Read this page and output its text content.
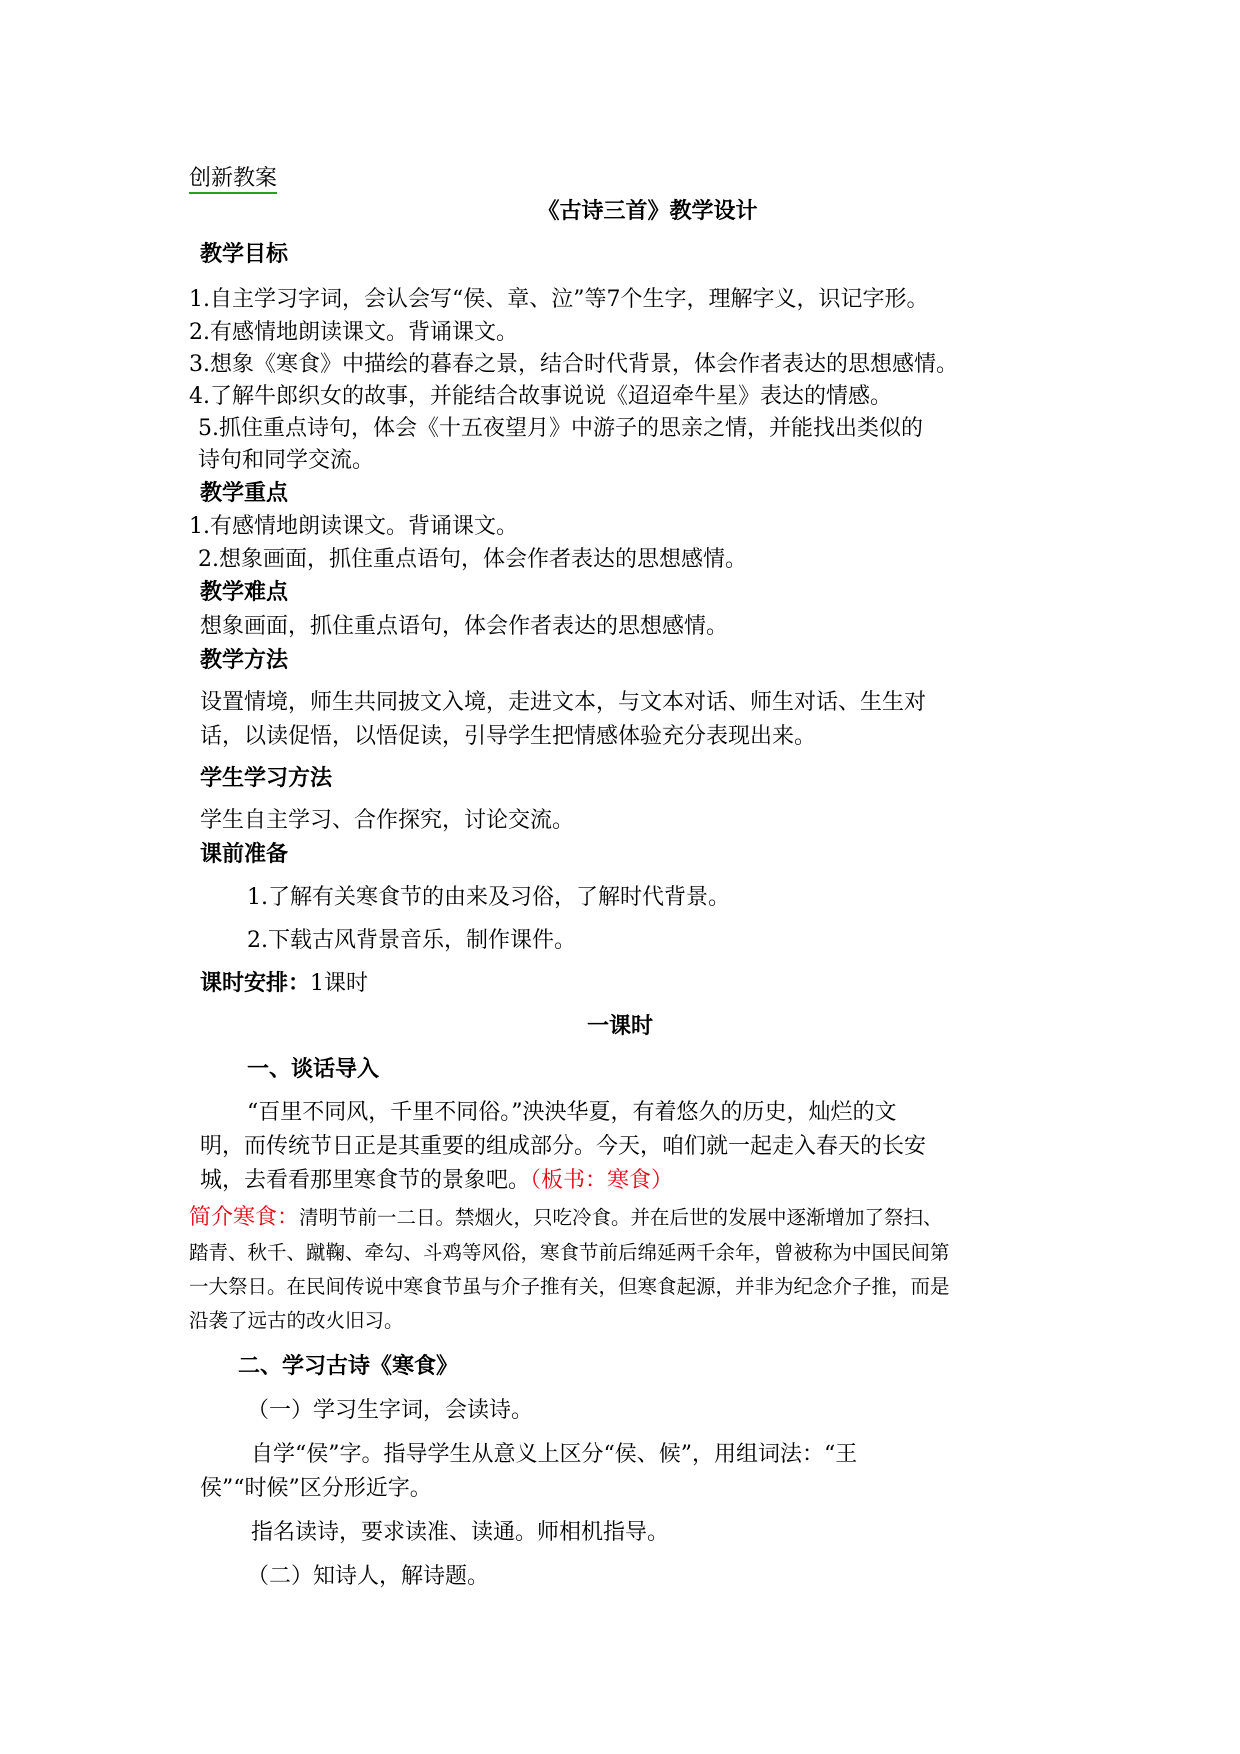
创新教案
《古诗三首》教学设计
教学目标
1.自主学习字词，会认会写“侯、章、泣”等7个生字，理解字义，识记字形。
2.有感情地朗读课文。背诵课文。
3.想象《寒食》中描绘的暮春之景，结合时代背景，体会作者表达的思想感情。
4.了解牛郎织女的故事，并能结合故事说说《迢迢牵牛星》表达的情感。
5.抓住重点诗句，体会《十五夜望月》中游子的思亲之情，并能找出类似的
诗句和同学交流。
教学重点
1.有感情地朗读课文。背诵课文。
2.想象画面，抓住重点语句，体会作者表达的思想感情。
教学难点
想象画面，抓住重点语句，体会作者表达的思想感情。
教学方法
设置情境，师生共同披文入境，走进文本，与文本对话、师生对话、生生对
话，以读促悟，以悟促读，引导学生把情感体验充分表现出来。
学生学习方法
学生自主学习、合作探究，讨论交流。
课前准备
1.了解有关寒食节的由来及习俗，了解时代背景。
2.下载古风背景音乐，制作课件。
课时安排：1课时
一课时
一、谈话导入
“百里不同风，千里不同俗。”泱泱华夏，有着悠久的历史，灿烂的文
明，而传统节日正是其重要的组成部分。今天，咱们就一起走入春天的长安
城，去看看那里寒食节的景象吧。（板书：寒食）
简介寒食：清明节前一二日。禁烟火，只吃冷食。并在后世的发展中逐渐增加了祭扫、
踏青、秋千、蹴鞠、牵勾、斗鸡等风俗，寒食节前后绵延两千余年，曾被称为中国民间第
一大祭日。在民间传说中寒食节虽与介子推有关，但寒食起源，并非为纪念介子推，而是
沿袭了远古的改火旧习。
二、学习古诗《寒食》
（一）学习生字词，会读诗。
自学“侯”字。指导学生从意义上区分“侯、候”，用组词法：“王
侯”“时候”区分形近字。
指名读诗，要求读准、读通。师相机指导。
（二）知诗人，解诗题。
